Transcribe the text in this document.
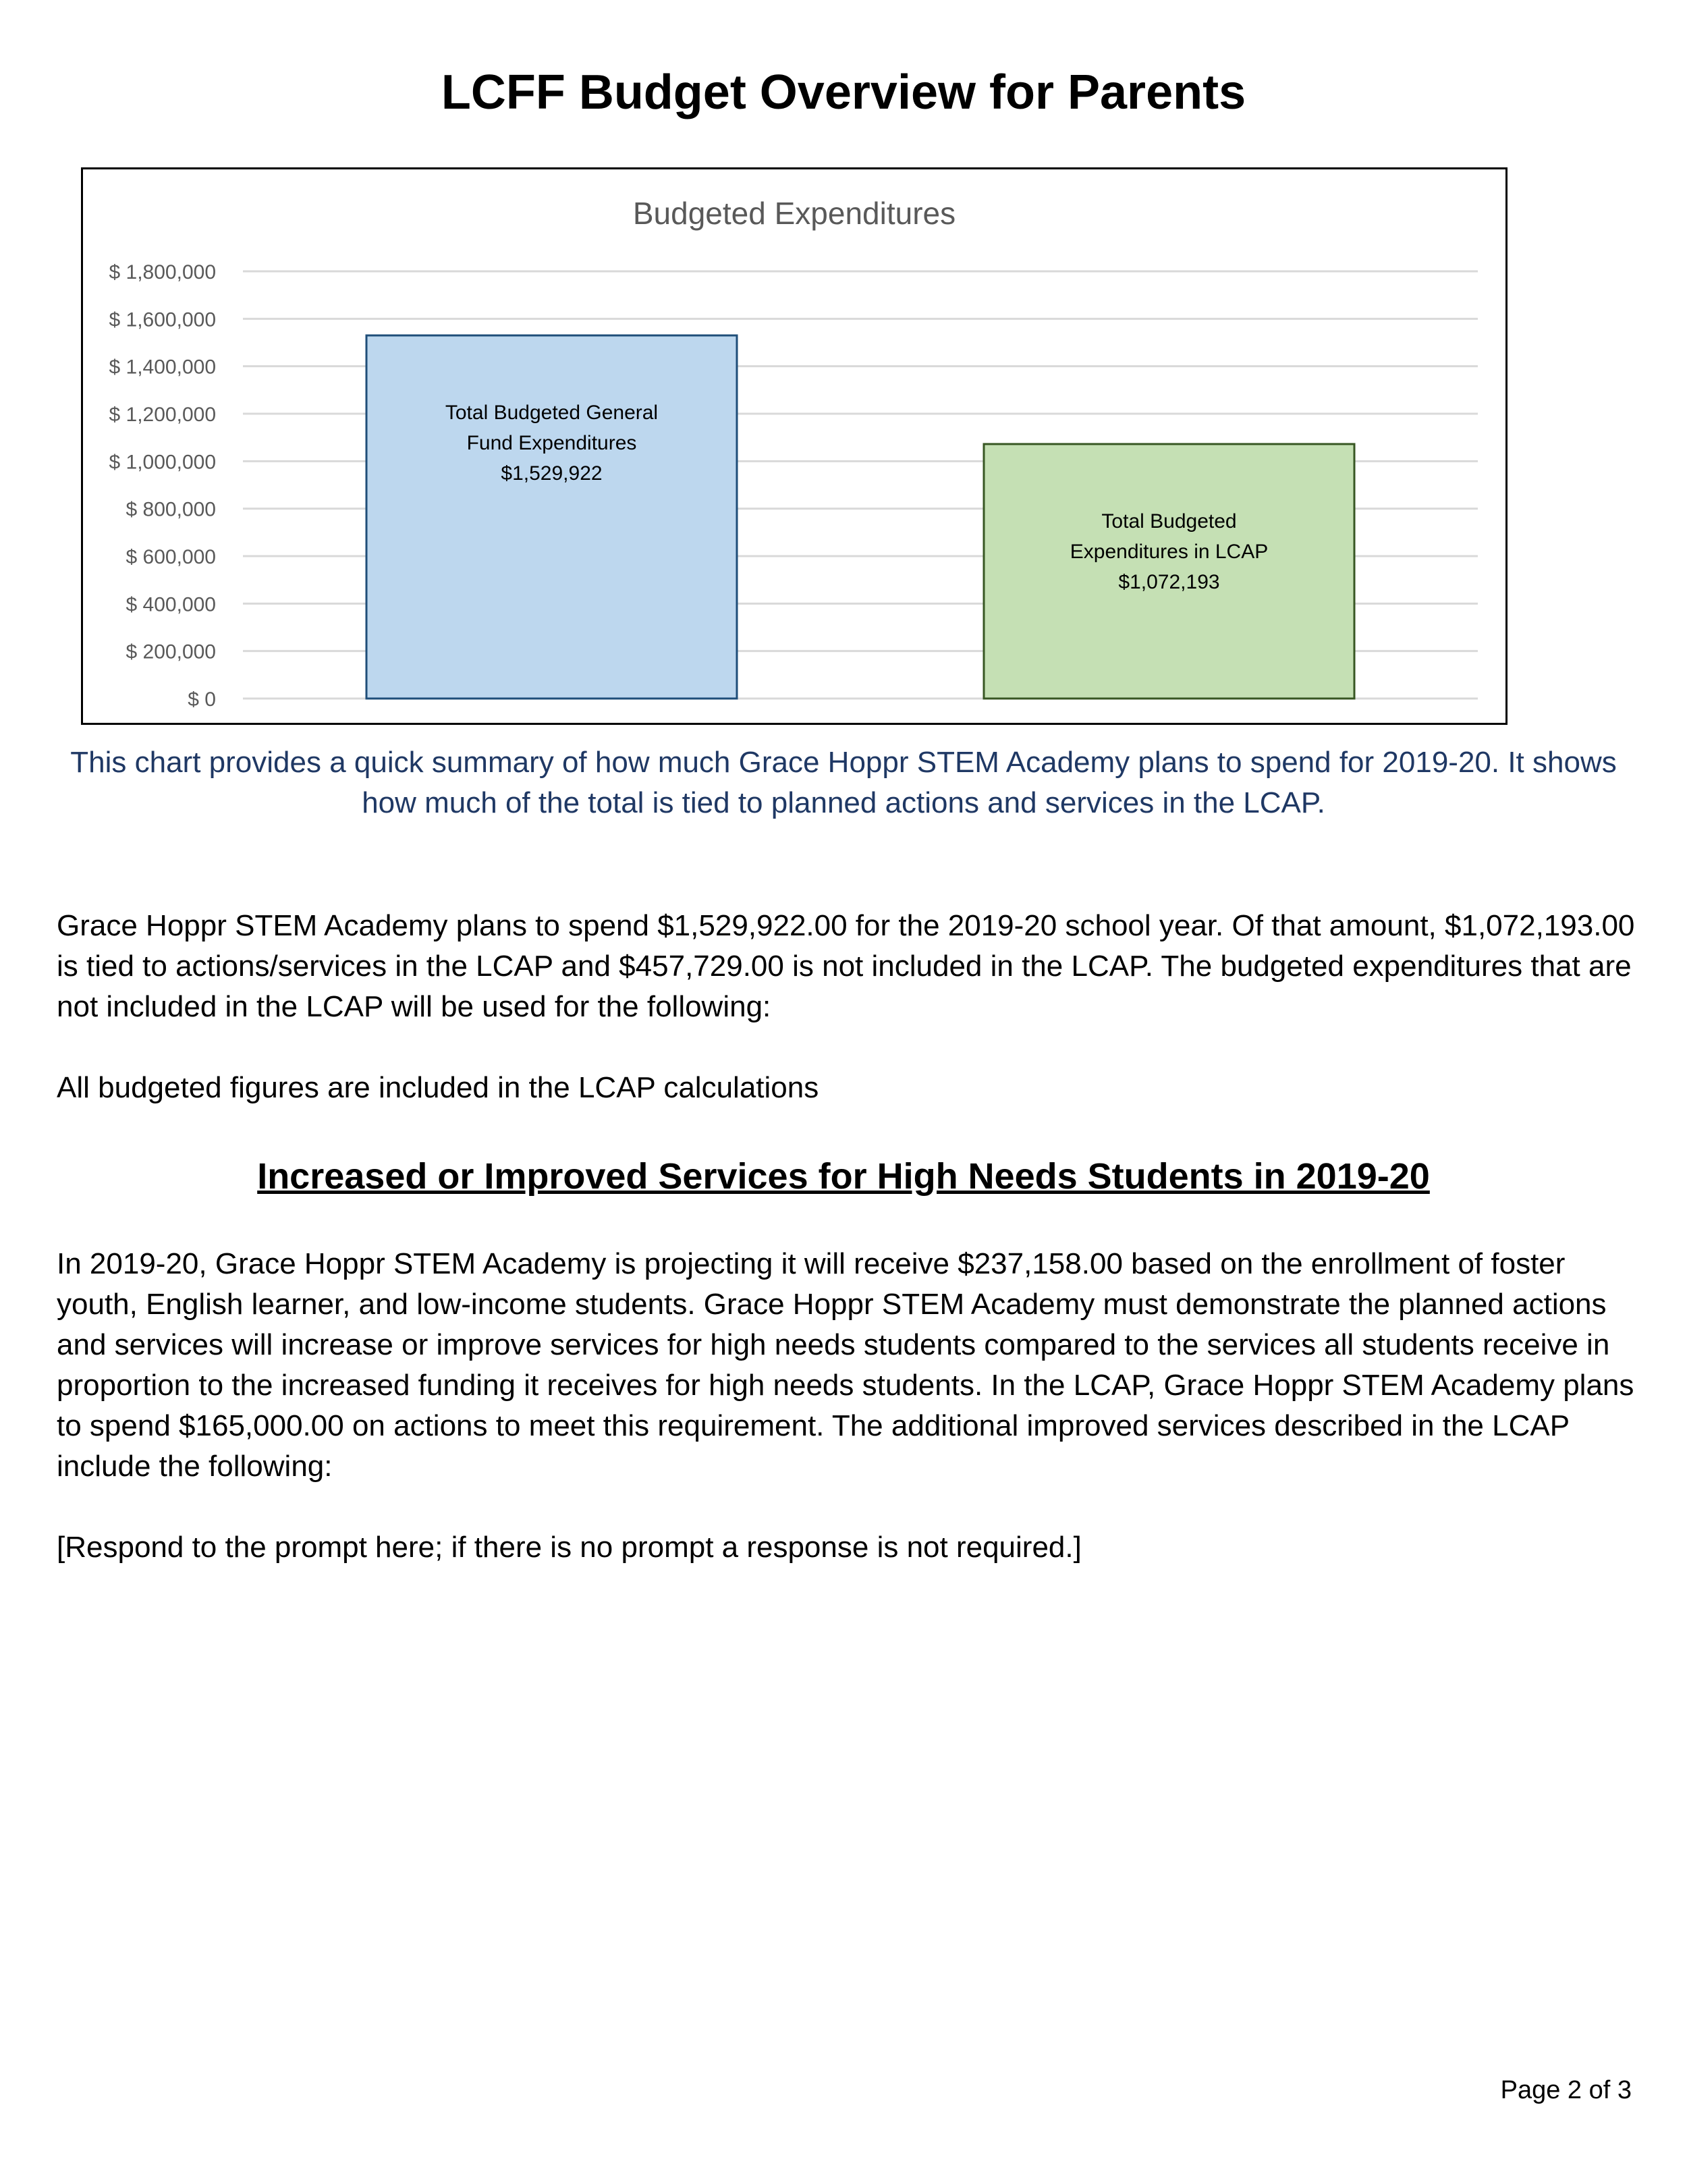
LCFF Budget Overview for Parents
Budgeted Expenditures
$ 0
$ 200,000
$ 400,000
$ 600,000
$ 800,000
$ 1,000,000
$ 1,200,000
$ 1,400,000
$ 1,600,000
$ 1,800,000
Total Budgeted General
Fund Expenditures
$1,529,922
Total Budgeted
Expenditures in LCAP
$1,072,193

This chart provides a quick summary of how much Grace Hoppr STEM Academy plans to spend for 2019-20. It shows how much of the total is tied to planned actions and services in the LCAP.

Grace Hoppr STEM Academy plans to spend $1,529,922.00 for the 2019-20 school year. Of that amount, $1,072,193.00 is tied to actions/services in the LCAP and $457,729.00 is not included in the LCAP. The budgeted expenditures that are not included in the LCAP will be used for the following:

All budgeted figures are included in the LCAP calculations

Increased or Improved Services for High Needs Students in 2019-20

In 2019-20, Grace Hoppr STEM Academy is projecting it will receive $237,158.00 based on the enrollment of foster youth, English learner, and low-income students. Grace Hoppr STEM Academy must demonstrate the planned actions and services will increase or improve services for high needs students compared to the services all students receive in proportion to the increased funding it receives for high needs students. In the LCAP, Grace Hoppr STEM Academy plans to spend $165,000.00 on actions to meet this requirement. The additional improved services described in the LCAP include the following:

[Respond to the prompt here; if there is no prompt a response is not required.]

Page 2 of 3
